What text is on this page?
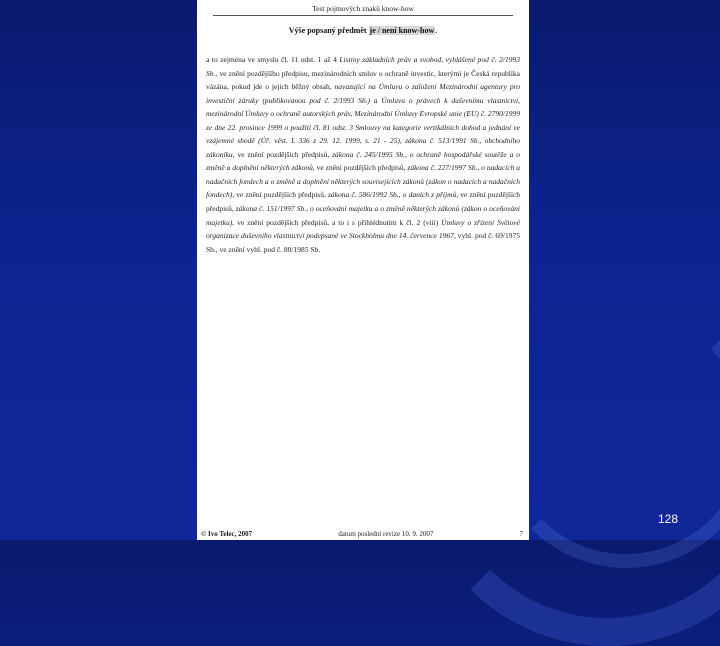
Test pojmových znaků know-how
Výše popsaný předmět je / není know-how.
a to zejména ve smyslu čl. 11 odst. 1 až 4 Listiny základních práv a svobod, vyhlášené pod č. 2/1993 Sb., ve znění pozdějšího předpisu, mezinárodních smluv o ochraně investic, kterými je Česká republika vázána, pokud jde o jejich běžný obsah, navazující na Úmluvu o založení Mezinárodní agentury pro investiční záruky (publikovanou pod č. 2/1993 Sb.) a Úmluvu o právech k duševnímu vlastnictví, mezinárodní Úmluvy o ochraně autorských práv, Mezinárodní Úmluvy Evropské unie (EU) č. 2790/1999 ze dne 22. prosince 1999 o použití čl. 81 odst. 3 Smlouvy na kategorie vertikálních dohod a jednání ve vzájemné shodě (Úř. věst. L 336 z 29. 12. 1999, s. 21 - 25), zákona č. 513/1991 Sb., obchodního zákoníku, ve znění pozdějších předpisů, zákona č. 245/1995 Sb., o ochraně hospodářské soutěže a o změně a doplnění některých zákonů, ve znění pozdějších předpisů, zákona č. 227/1997 Sb., o nadacích a nadačních fondech a o změně a doplnění některých souvisejících zákonů (zákon o nadacích a nadačních fondech), ve znění pozdějších předpisů, zákona č. 586/1992 Sb., o daních z příjmů, ve znění pozdějších předpisů, zákona č. 151/1997 Sb., o oceňování majetku a o změně některých zákonů (zákon o oceňování majetku), ve znění pozdějších předpisů, a to i s přihlédnutím k čl. 2 (viii) Úmluvy o zřízení Světové organizace duševního vlastnictví podepsané ve Stockholmu dne 14. července 1967, vyhl. pod č. 69/1975 Sb., ve znění vyhl. pod č. 80/1985 Sb.
© Ivo Telec, 2007	datum poslední revize 10. 9. 2007	7
128
